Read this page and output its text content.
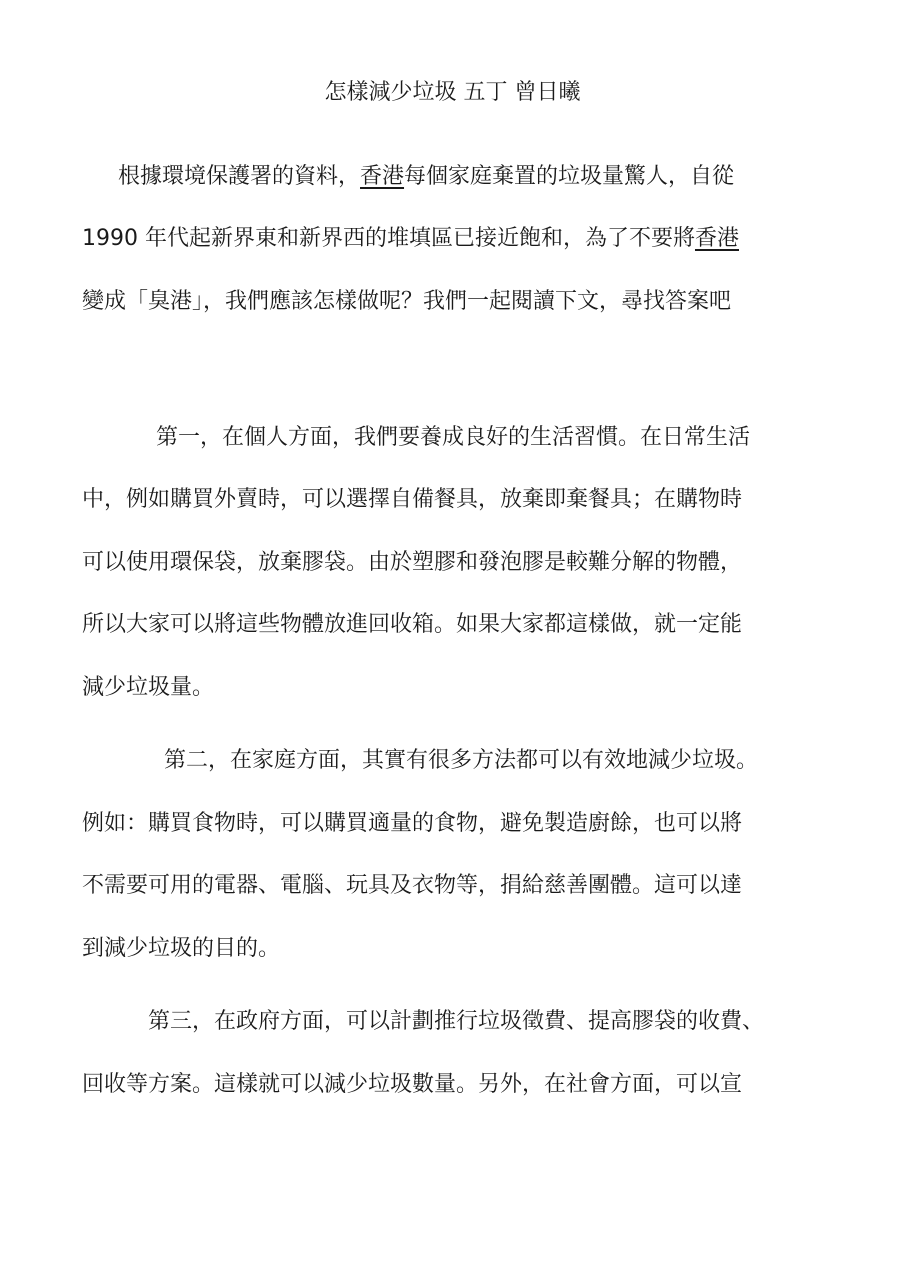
怎樣減少垃圾 五丁 曾日曦
根據環境保護署的資料，香港每個家庭棄置的垃圾量驚人，自從
1990 年代起新界東和新界西的堆填區已接近飽和，為了不要將香港
變成「臭港」，我們應該怎樣做呢？我們一起閱讀下文，尋找答案吧
第一，在個人方面，我們要養成良好的生活習慣。在日常生活
中，例如購買外賣時，可以選擇自備餐具，放棄即棄餐具；在購物時
可以使用環保袋，放棄膠袋。由於塑膠和發泡膠是較難分解的物體，
所以大家可以將這些物體放進回收箱。如果大家都這樣做，就一定能
減少垃圾量。
第二，在家庭方面，其實有很多方法都可以有效地減少垃圾。
例如：購買食物時，可以購買適量的食物，避免製造廚餘，也可以將
不需要可用的電器、電腦、玩具及衣物等，捐給慈善團體。這可以達
到減少垃圾的目的。
第三，在政府方面，可以計劃推行垃圾徵費、提高膠袋的收費、
回收等方案。這樣就可以減少垃圾數量。另外，在社會方面，可以宣
